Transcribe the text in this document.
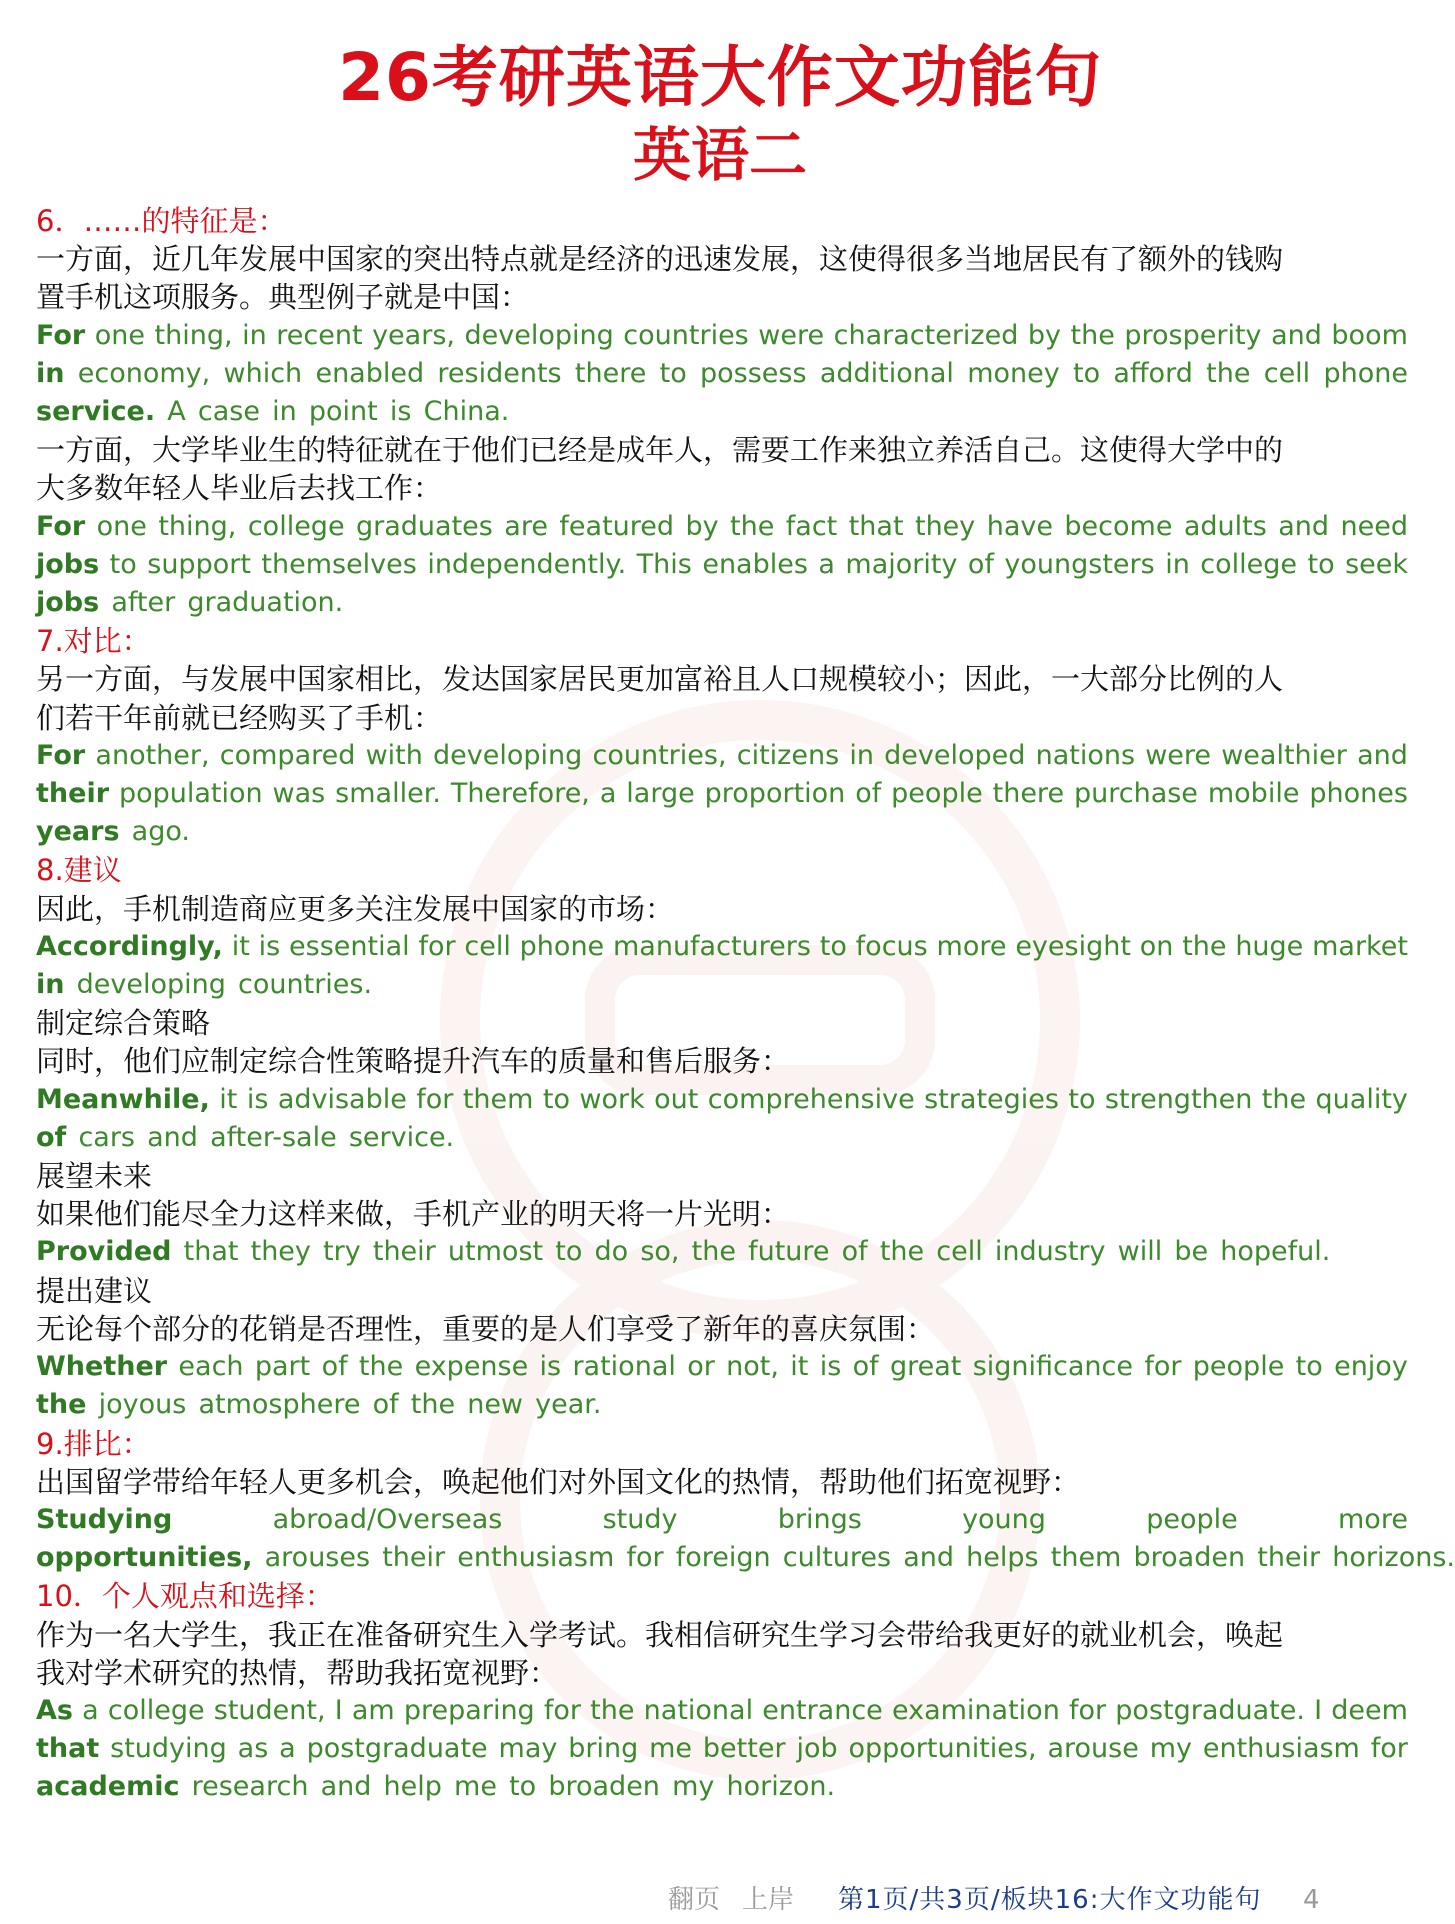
26考研英语大作文功能句
英语二
6．……的特征是：
一方面，近几年发展中国家的突出特点就是经济的迅速发展，这使得很多当地居民有了额外的钱购
置手机这项服务。典型例子就是中国：
For one thing, in recent years, developing countries were characterized by the prosperity and boom
in economy, which enabled residents there to possess additional money to afford the cell phone
service. A case in point is China.
一方面，大学毕业生的特征就在于他们已经是成年人，需要工作来独立养活自己。这使得大学中的
大多数年轻人毕业后去找工作：
For one thing, college graduates are featured by the fact that they have become adults and need
jobs to support themselves independently. This enables a majority of youngsters in college to seek
jobs after graduation.
7.对比：
另一方面，与发展中国家相比，发达国家居民更加富裕且人口规模较小；因此，一大部分比例的人
们若干年前就已经购买了手机：
For another, compared with developing countries, citizens in developed nations were wealthier and
their population was smaller. Therefore, a large proportion of people there purchase mobile phones
years ago.
8.建议
因此，手机制造商应更多关注发展中国家的市场：
Accordingly, it is essential for cell phone manufacturers to focus more eyesight on the huge market
in developing countries.
制定综合策略
同时，他们应制定综合性策略提升汽车的质量和售后服务：
Meanwhile, it is advisable for them to work out comprehensive strategies to strengthen the quality
of cars and after-sale service.
展望未来
如果他们能尽全力这样来做，手机产业的明天将一片光明：
Provided that they try their utmost to do so, the future of the cell industry will be hopeful.
提出建议
无论每个部分的花销是否理性，重要的是人们享受了新年的喜庆氛围：
Whether each part of the expense is rational or not, it is of great significance for people to enjoy
the joyous atmosphere of the new year.
9.排比：
出国留学带给年轻人更多机会，唤起他们对外国文化的热情，帮助他们拓宽视野：
Studying	abroad/Overseas	study	brings	young	people	more
opportunities, arouses their enthusiasm for foreign cultures and helps them broaden their horizons.
10．个人观点和选择：
作为一名大学生，我正在准备研究生入学考试。我相信研究生学习会带给我更好的就业机会，唤起
我对学术研究的热情，帮助我拓宽视野：
As a college student, I am preparing for the national entrance examination for postgraduate. I deem
that studying as a postgraduate may bring me better job opportunities, arouse my enthusiasm for
academic research and help me to broaden my horizon.
翻页 上岸 第1页/共3页/板块16:大作文功能句 4
